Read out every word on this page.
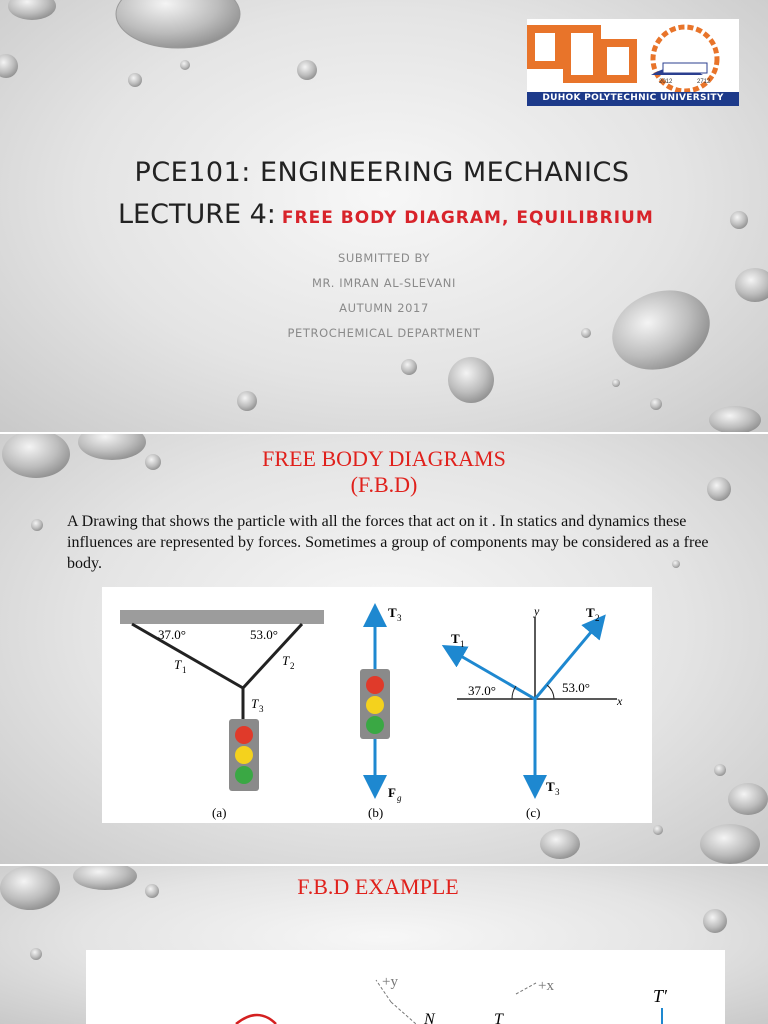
DUHOK POLYTECHNIC UNIVERSITY
2012	2712
PCE101: ENGINEERING MECHANICS
LECTURE 4: FREE BODY DIAGRAM, EQUILIBRIUM
SUBMITTED BY
MR. IMRAN AL-SLEVANI
AUTUMN 2017
PETROCHEMICAL DEPARTMENT
FREE BODY DIAGRAMS
(F.B.D)
A Drawing that shows the particle with all the forces that act on it . In statics and dynamics these influences are represented by forces. Sometimes a group of components may be considered as a free body.
37.0°	53.0°
T 1
T 2
T 3
(a)
T 3
F g
(b)
y
x
T 1
T 2
T 3
37.0°	53.0°
(c)
F.B.D EXAMPLE
+y	+x
N	T
T′
